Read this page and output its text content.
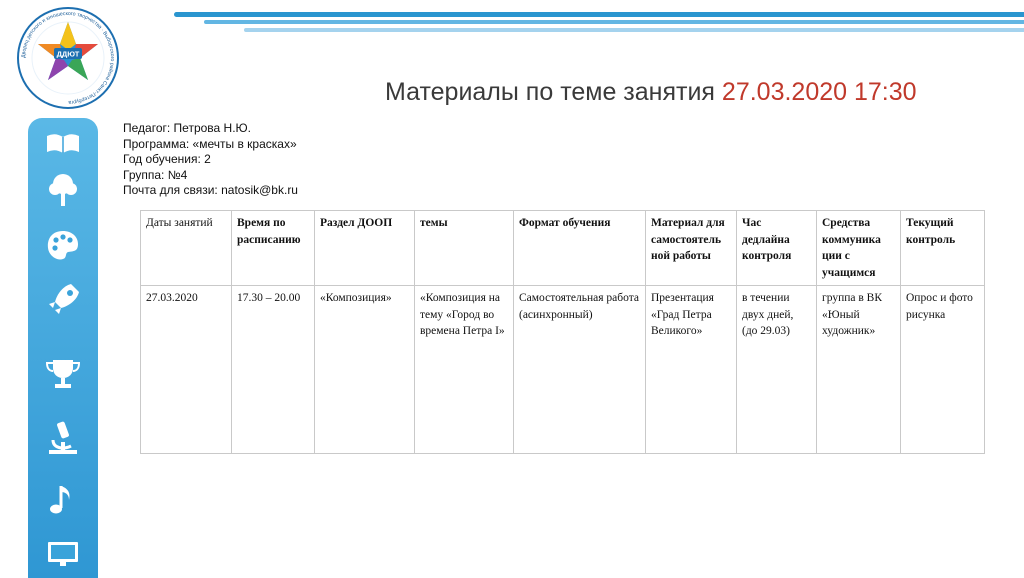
Дворец детского и юношеского творчества · Выборгского района Санкт-Петербурга
ДДЮТ
Материалы по теме занятия 27.03.2020 17:30
Педагог: Петрова Н.Ю.
Программа: «мечты в красках»
Год обучения: 2
Группа: №4
Почта для связи: natosik@bk.ru
Даты занятий	Время по расписанию	Раздел ДООП	темы	Формат обучения	Материал для самостоятель ной работы	Час дедлайна контроля	Средства коммуника ции с учащимся	Текущий контроль
27.03.2020	17.30 – 20.00	«Композиция»	«Композиция на тему «Город во времена Петра I»	Самостоятельная работа (асинхронный)	Презентация «Град Петра Великого»	в течении двух дней, (до 29.03)	группа в ВК «Юный художник»	Опрос и фото рисунка
